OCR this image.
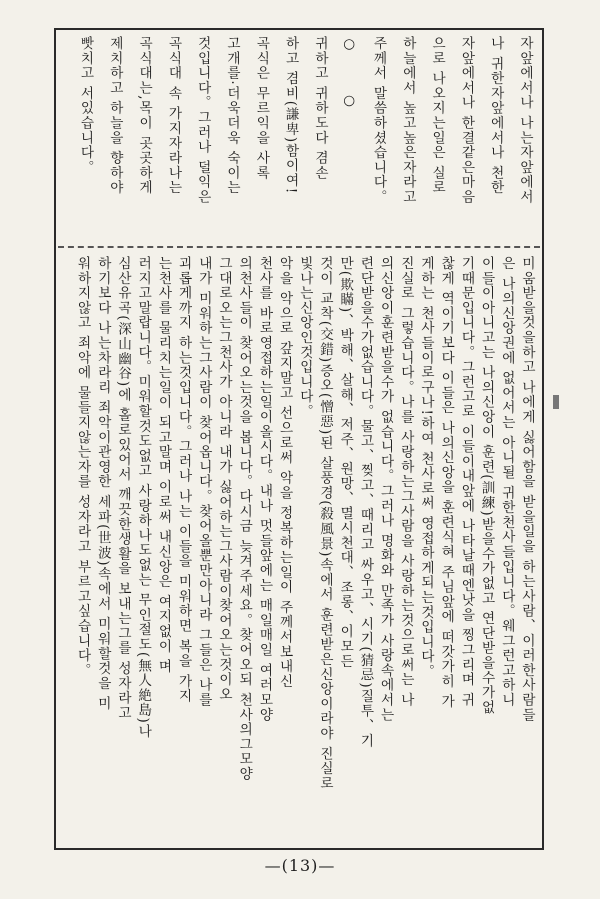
자앞에서나 나는자앞에서
나 귀한자앞에서나 천한
자앞에서나 한결같은마음
으로 나오지는일은 실로
하늘에서 높고높은자라고
주께서 말씀하셨습니다。
○ ○
귀하고 귀하도다 겸손
하고 겸비(謙卑)함이여!
곡식은 무르익을 사록
고개를‧더욱더욱 숙이는
것입니다。그러나 덜익은
곡식대 속 가지자라나는
곡식대는,목이 곳곳하게
제치하고 하늘을 향하야
빳치고 서있습니다。
미움받을것을하고 나에게 싫어함을 받을일을 하는사람、이러한사람들
은 나의신앙권에 없어서는 아니될 귀한천사들입니다。웨그런고하니
이들이아니고는 나의신앙이 훈련(訓練)받을수가없고 연단받을수가없
기때문입니다。그런고로 이들이내앞에 나타날때엔낫을 찡그리며 귀
찮게 역이기보다 이들은 나의신앙을 훈련식혀 주님앞에 떠갓가히 가
게하는 천사들이로구나!하여 천사로써 영접하게되는것입니다。
진실로 그렇습니다。나를 사랑하는그사람을 사랑하는것으로써는 나
의신앙이훈련받을수가 없습니다。그러나 명화와 만족가 사랑속에서는
련단받을수가없습니다。물고、찢고、때리고 싸우고、시기(猜忌)질투、기
만(欺瞞)、박해、살해、저주、원망、멸시천대、조롱、이모든
것이 교착(交錯)증오(憎惡)된 살풍경(殺風景)속에서 훈련받은신앙이라야 진실로
빛나는신앙인것입니다。
악을 악으로 갚지말고 선으로써 악을 정복하는일이 주께서보내신
천사를 바로영접하는일이올시다。내나 멋들앞에는 매일매일 여러모양
의천사들이 찾어오는것을 봅니다。다시금 늦겨주세요。찾어오되 천사의그모양
그대로오는그천사가 아니라 내가 싫어하는그사람이찾어오는것이오
내가 미워하는그사람이 찾어옵니다。찾어올뿐만아니라 그들은 나를
괴롭게까지 하는것입니다。그러나 나는 이들을 미워하면 복을 가지
는천사를 물리치는일이 되고말며 이로써 내신앙은 여지없이 며
러지고말랍니다。미워할것도없고 사랑하나도없는 무인절도(無人絶島)나
심산유곡(深山幽谷)에 홀로있어서 깨끗한생활을 보내는그를 성자라고
하기보다 나는차라리 죄악이관영한 세파(世波)속에서 미워할것을 미
워하지않고 죄악에 물들지않는자를 성자라고 부르고싶습니다。
—(13)—
